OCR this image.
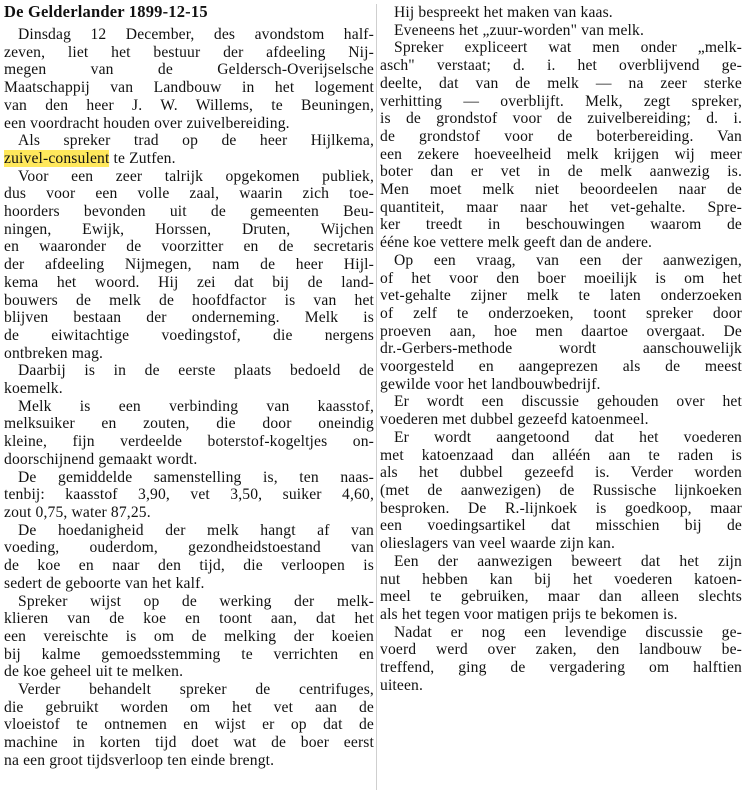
De Gelderlander 1899-12-15
Dinsdag 12 December, des avondstom half-
zeven, liet het bestuur der afdeeling Nij-
megen van de Geldersch-Overijselsche
Maatschappij van Landbouw in het logement
van den heer J. W. Willems, te Beuningen,
een voordracht houden over zuivelbereiding.
Als spreker trad op de heer Hijlkema,
zuivel-consulent te Zutfen.
Voor een zeer talrijk opgekomen publiek,
dus voor een volle zaal, waarin zich toe-
hoorders bevonden uit de gemeenten Beu-
ningen, Ewijk, Horssen, Druten, Wijchen
en waaronder de voorzitter en de secretaris
der afdeeling Nijmegen, nam de heer Hijl-
kema het woord. Hij zei dat bij de land-
bouwers de melk de hoofdfactor is van het
blijven bestaan der onderneming. Melk is
de eiwitachtige voedingstof, die nergens
ontbreken mag.
Daarbij is in de eerste plaats bedoeld de
koemelk.
Melk is een verbinding van kaasstof,
melksuiker en zouten, die door oneindig
kleine, fijn verdeelde boterstof-kogeltjes on-
doorschijnend gemaakt wordt.
De gemiddelde samenstelling is, ten naas-
tenbij: kaasstof 3,90, vet 3,50, suiker 4,60,
zout 0,75, water 87,25.
De hoedanigheid der melk hangt af van
voeding, ouderdom, gezondheidstoestand van
de koe en naar den tijd, die verloopen is
sedert de geboorte van het kalf.
Spreker wijst op de werking der melk-
klieren van de koe en toont aan, dat het
een vereischte is om de melking der koeien
bij kalme gemoedsstemming te verrichten en
de koe geheel uit te melken.
Verder behandelt spreker de centrifuges,
die gebruikt worden om het vet aan de
vloeistof te ontnemen en wijst er op dat de
machine in korten tijd doet wat de boer eerst
na een groot tijdsverloop ten einde brengt.
Hij bespreekt het maken van kaas.
Eveneens het „zuur-worden" van melk.
Spreker expliceert wat men onder „melk-
asch" verstaat; d. i. het overblijvend ge-
deelte, dat van de melk — na zeer sterke
verhitting — overblijft. Melk, zegt spreker,
is de grondstof voor de zuivelbereiding; d. i.
de grondstof voor de boterbereiding. Van
een zekere hoeveelheid melk krijgen wij meer
boter dan er vet in de melk aanwezig is.
Men moet melk niet beoordeelen naar de
quantiteit, maar naar het vet-gehalte. Spre-
ker treedt in beschouwingen waarom de
ééne koe vettere melk geeft dan de andere.
Op een vraag, van een der aanwezigen,
of het voor den boer moeilijk is om het
vet-gehalte zijner melk te laten onderzoeken
of zelf te onderzoeken, toont spreker door
proeven aan, hoe men daartoe overgaat. De
dr.-Gerbers-methode wordt aanschouwelijk
voorgesteld en aangeprezen als de meest
gewilde voor het landbouwbedrijf.
Er wordt een discussie gehouden over het
voederen met dubbel gezeefd katoenmeel.
Er wordt aangetoond dat het voederen
met katoenzaad dan alléén aan te raden is
als het dubbel gezeefd is. Verder worden
(met de aanwezigen) de Russische lijnkoeken
besproken. De R.-lijnkoek is goedkoop, maar
een voedingsartikel dat misschien bij de
olieslagers van veel waarde zijn kan.
Een der aanwezigen beweert dat het zijn
nut hebben kan bij het voederen katoen-
meel te gebruiken, maar dan alleen slechts
als het tegen voor matigen prijs te bekomen is.
Nadat er nog een levendige discussie ge-
voerd werd over zaken, den landbouw be-
treffend, ging de vergadering om halftien
uiteen.
